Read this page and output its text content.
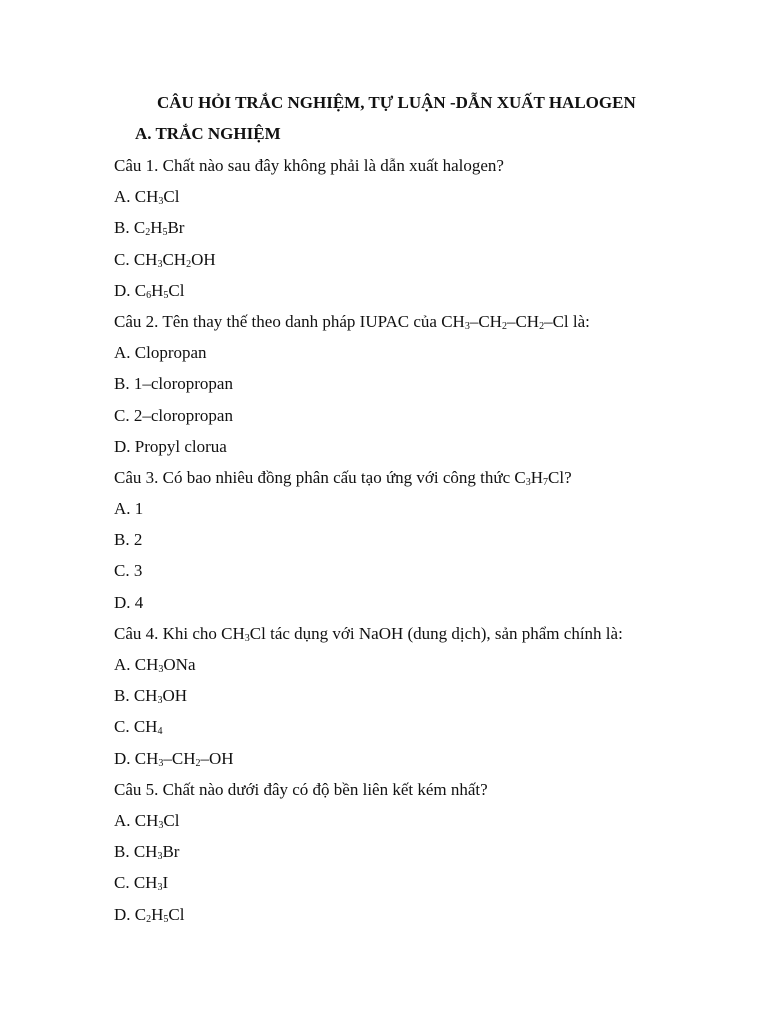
CÂU HỎI TRẮC NGHIỆM, TỰ LUẬN -DẪN XUẤT HALOGEN
A. TRẮC NGHIỆM
Câu 1. Chất nào sau đây không phải là dẫn xuất halogen?
A. $CH_3Cl$
B. $C_2H_5Br$
C. $CH_3CH_2OH$
D. $C_6H_5Cl$
Câu 2. Tên thay thế theo danh pháp IUPAC của $CH_3-CH_2-CH_2-Cl$ là:
A. Clopropan
B. 1–cloropropan
C. 2–cloropropan
D. Propyl clorua
Câu 3. Có bao nhiêu đồng phân cấu tạo ứng với công thức $C_3H_7Cl$?
A. 1
B. 2
C. 3
D. 4
Câu 4. Khi cho $CH_3Cl$ tác dụng với NaOH (dung dịch), sản phẩm chính là:
A. $CH_3ONa$
B. $CH_3OH$
C. $CH_4$
D. $CH_3-CH_2-OH$
Câu 5. Chất nào dưới đây có độ bền liên kết kém nhất?
A. $CH_3Cl$
B. $CH_3Br$
C. $CH_3I$
D. $C_2H_5Cl$
